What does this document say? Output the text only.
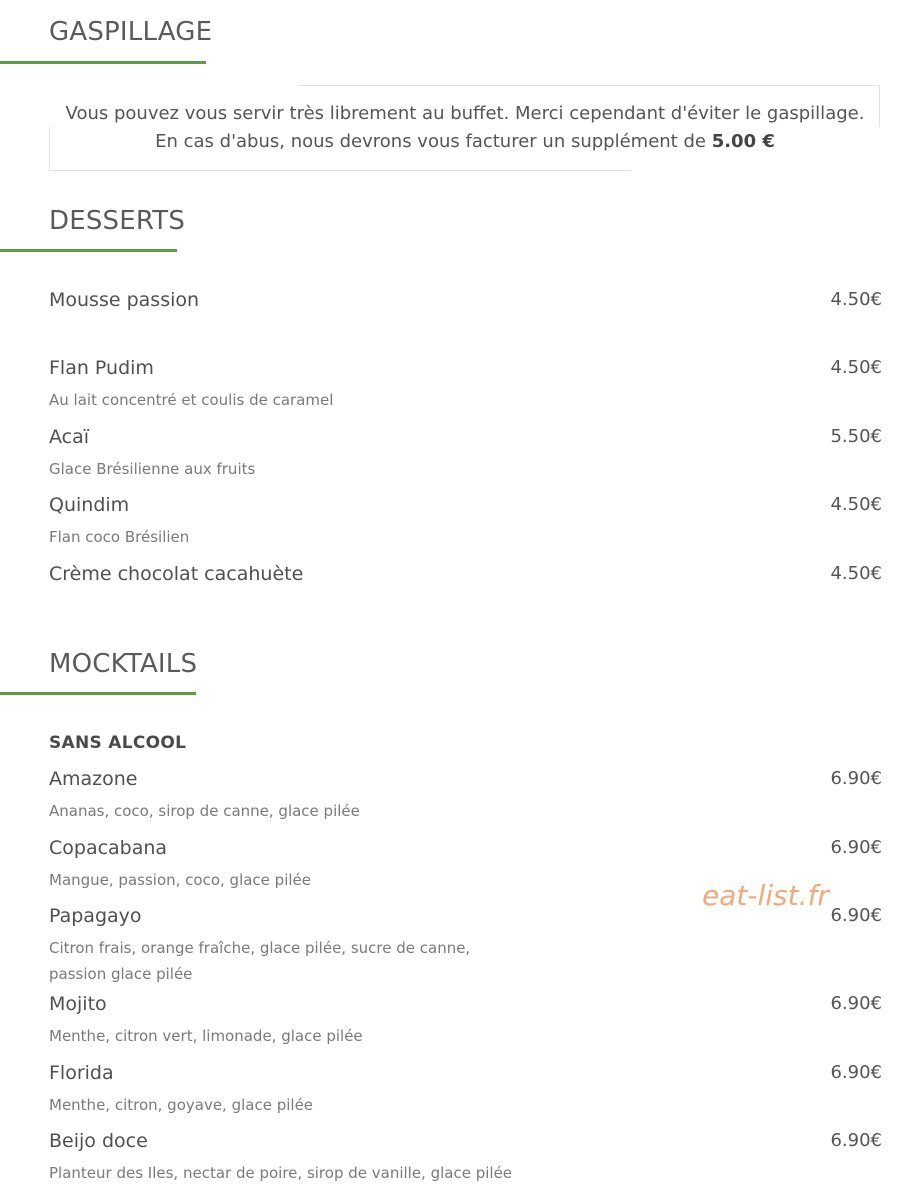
GASPILLAGE

Vous pouvez vous servir très librement au buffet. Merci cependant d'éviter le gaspillage. En cas d'abus, nous devrons vous facturer un supplément de 5.00 €

DESSERTS
Mousse passion	4.50€
Flan Pudim	4.50€
Au lait concentré et coulis de caramel
Acaï	5.50€
Glace Brésilienne aux fruits
Quindim	4.50€
Flan coco Brésilien
Crème chocolat cacahuète	4.50€
MOCKTAILS
SANS ALCOOL
Amazone	6.90€
Ananas, coco, sirop de canne, glace pilée
Copacabana	6.90€
Mangue, passion, coco, glace pilée
Papagayo	6.90€
Citron frais, orange fraîche, glace pilée, sucre de canne, passion glace pilée
Mojito	6.90€
Menthe, citron vert, limonade, glace pilée
Florida	6.90€
Menthe, citron, goyave, glace pilée
Beijo doce	6.90€
Planteur des Iles, nectar de poire, sirop de vanille, glace pilée
eat-list.fr
